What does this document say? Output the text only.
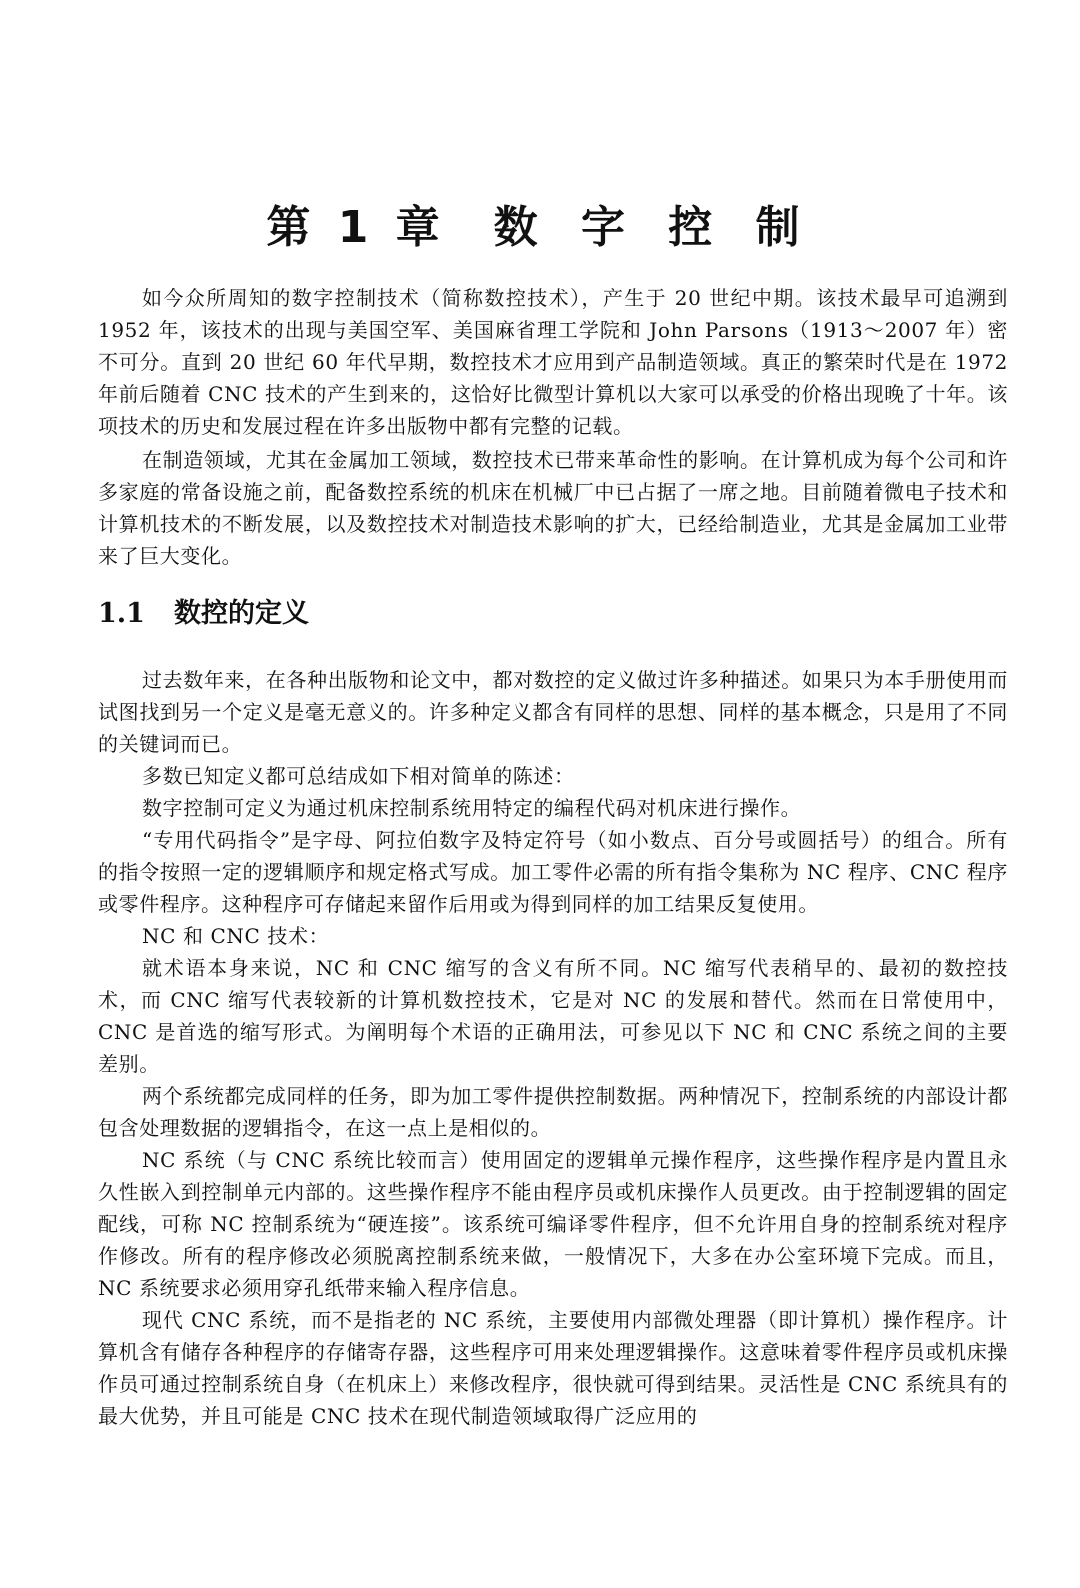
第 1 章 数 字 控 制

如今众所周知的数字控制技术（简称数控技术），产生于 20 世纪中期。该技术最早可追溯到 1952 年，该技术的出现与美国空军、美国麻省理工学院和 John Parsons（1913～2007 年）密不可分。直到 20 世纪 60 年代早期，数控技术才应用到产品制造领域。真正的繁荣时代是在 1972 年前后随着 CNC 技术的产生到来的，这恰好比微型计算机以大家可以承受的价格出现晚了十年。该项技术的历史和发展过程在许多出版物中都有完整的记载。

在制造领域，尤其在金属加工领域，数控技术已带来革命性的影响。在计算机成为每个公司和许多家庭的常备设施之前，配备数控系统的机床在机械厂中已占据了一席之地。目前随着微电子技术和计算机技术的不断发展，以及数控技术对制造技术影响的扩大，已经给制造业，尤其是金属加工业带来了巨大变化。

1.1 数控的定义

过去数年来，在各种出版物和论文中，都对数控的定义做过许多种描述。如果只为本手册使用而试图找到另一个定义是毫无意义的。许多种定义都含有同样的思想、同样的基本概念，只是用了不同的关键词而已。

多数已知定义都可总结成如下相对简单的陈述：

数字控制可定义为通过机床控制系统用特定的编程代码对机床进行操作。

“专用代码指令”是字母、阿拉伯数字及特定符号（如小数点、百分号或圆括号）的组合。所有的指令按照一定的逻辑顺序和规定格式写成。加工零件必需的所有指令集称为 NC 程序、CNC 程序或零件程序。这种程序可存储起来留作后用或为得到同样的加工结果反复使用。

NC 和 CNC 技术：

就术语本身来说，NC 和 CNC 缩写的含义有所不同。NC 缩写代表稍早的、最初的数控技术，而 CNC 缩写代表较新的计算机数控技术，它是对 NC 的发展和替代。然而在日常使用中，CNC 是首选的缩写形式。为阐明每个术语的正确用法，可参见以下 NC 和 CNC 系统之间的主要差别。

两个系统都完成同样的任务，即为加工零件提供控制数据。两种情况下，控制系统的内部设计都包含处理数据的逻辑指令，在这一点上是相似的。

NC 系统（与 CNC 系统比较而言）使用固定的逻辑单元操作程序，这些操作程序是内置且永久性嵌入到控制单元内部的。这些操作程序不能由程序员或机床操作人员更改。由于控制逻辑的固定配线，可称 NC 控制系统为“硬连接”。该系统可编译零件程序，但不允许用自身的控制系统对程序作修改。所有的程序修改必须脱离控制系统来做，一般情况下，大多在办公室环境下完成。而且，NC 系统要求必须用穿孔纸带来输入程序信息。

现代 CNC 系统，而不是指老的 NC 系统，主要使用内部微处理器（即计算机）操作程序。计算机含有储存各种程序的存储寄存器，这些程序可用来处理逻辑操作。这意味着零件程序员或机床操作员可通过控制系统自身（在机床上）来修改程序，很快就可得到结果。灵活性是 CNC 系统具有的最大优势，并且可能是 CNC 技术在现代制造领域取得广泛应用的
